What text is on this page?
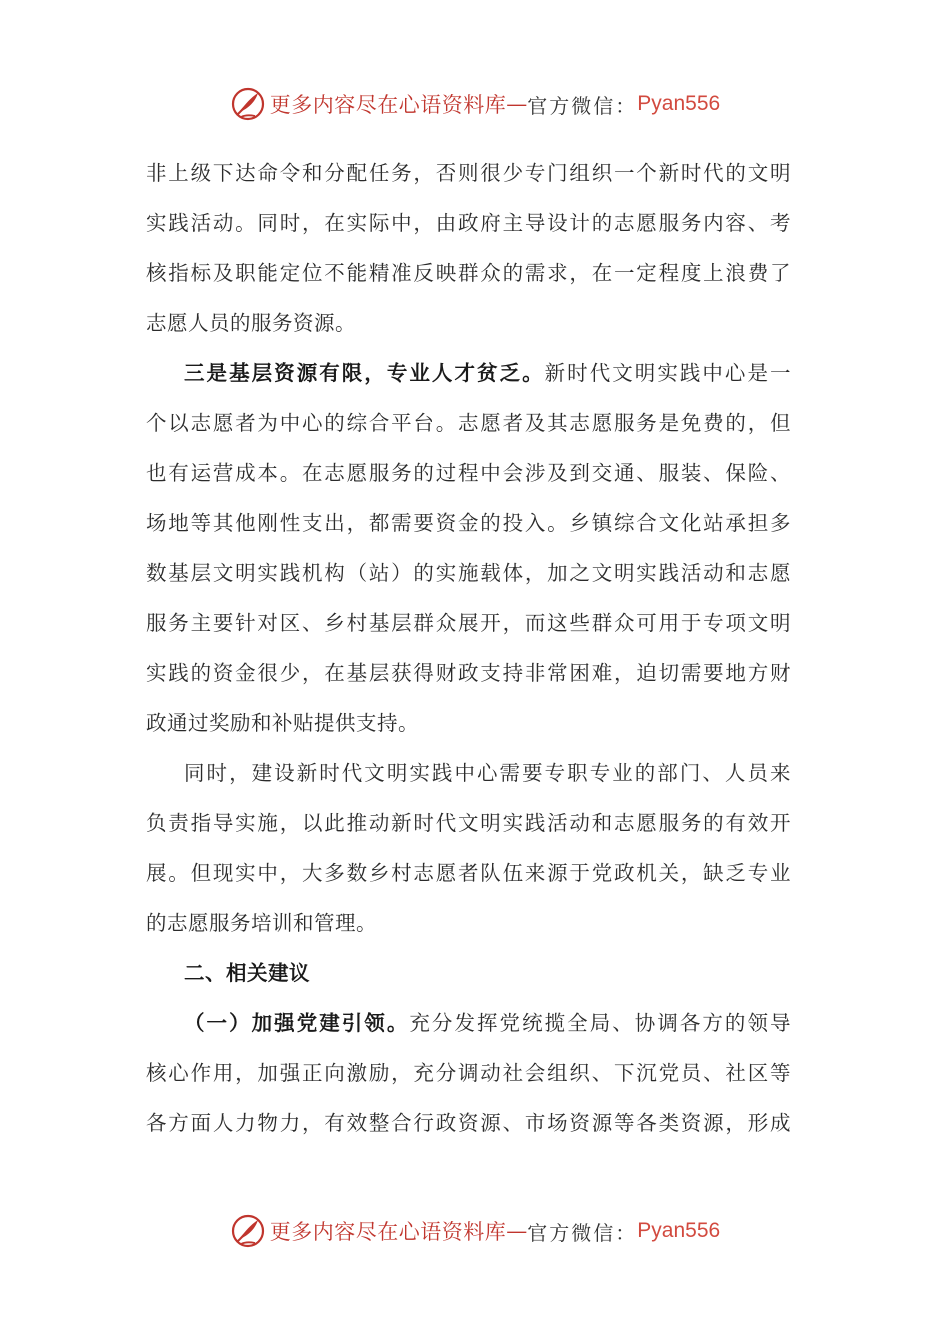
更多内容尽在心语资料库 — 官方微信： Pyan556
非上级下达命令和分配任务，否则很少专门组织一个新时代的文明
实践活动。同时，在实际中，由政府主导设计的志愿服务内容、考
核指标及职能定位不能精准反映群众的需求，在一定程度上浪费了
志愿人员的服务资源。
三是基层资源有限，专业人才贫乏。新时代文明实践中心是一
个以志愿者为中心的综合平台。志愿者及其志愿服务是免费的，但
也有运营成本。在志愿服务的过程中会涉及到交通、服装、保险、
场地等其他刚性支出，都需要资金的投入。乡镇综合文化站承担多
数基层文明实践机构（站）的实施载体，加之文明实践活动和志愿
服务主要针对区、乡村基层群众展开，而这些群众可用于专项文明
实践的资金很少，在基层获得财政支持非常困难，迫切需要地方财
政通过奖励和补贴提供支持。
同时，建设新时代文明实践中心需要专职专业的部门、人员来
负责指导实施，以此推动新时代文明实践活动和志愿服务的有效开
展。但现实中，大多数乡村志愿者队伍来源于党政机关，缺乏专业
的志愿服务培训和管理。
二、相关建议
（一）加强党建引领。充分发挥党统揽全局、协调各方的领导
核心作用，加强正向激励，充分调动社会组织、下沉党员、社区等
各方面人力物力，有效整合行政资源、市场资源等各类资源，形成
更多内容尽在心语资料库 — 官方微信： Pyan556
